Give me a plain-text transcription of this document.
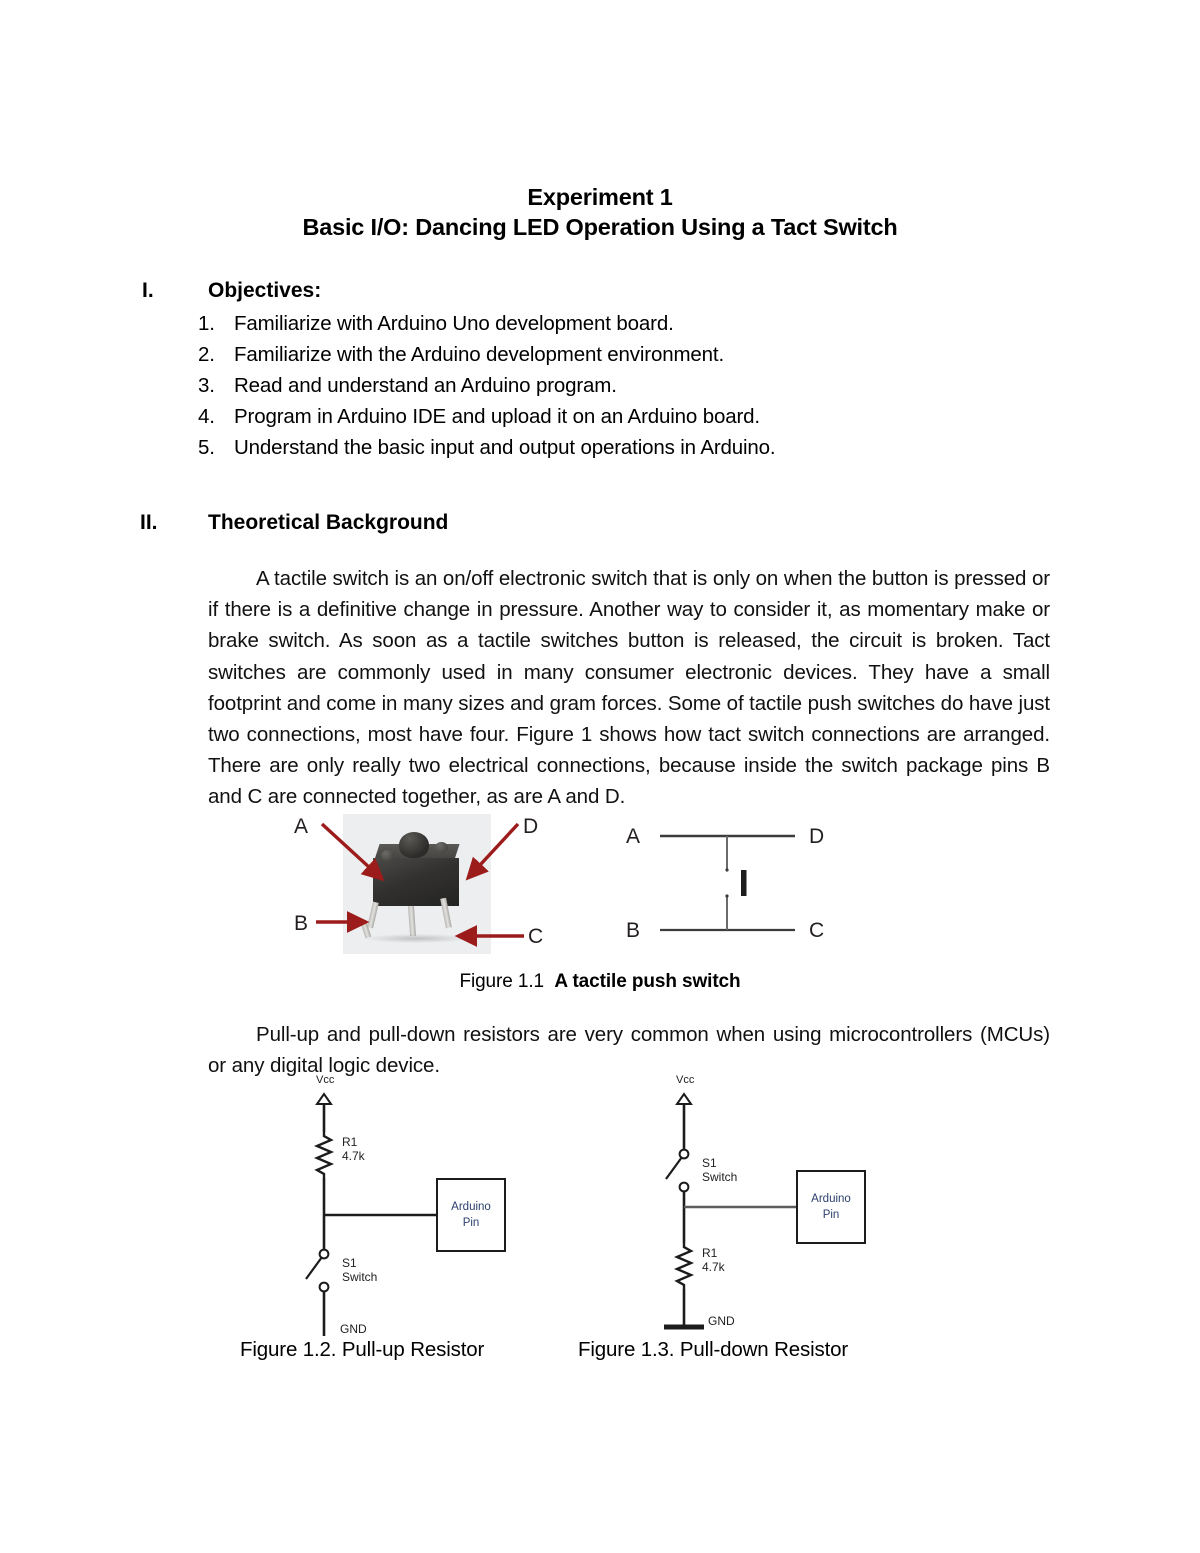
Experiment 1
Basic I/O: Dancing LED Operation Using a Tact Switch
I.	Objectives:
1. Familiarize with Arduino Uno development board.
2. Familiarize with the Arduino development environment.
3. Read and understand an Arduino program.
4. Program in Arduino IDE and upload it on an Arduino board.
5. Understand the basic input and output operations in Arduino.
II. Theoretical Background
A tactile switch is an on/off electronic switch that is only on when the button is pressed or if there is a definitive change in pressure. Another way to consider it, as momentary make or brake switch. As soon as a tactile switches button is released, the circuit is broken. Tact switches are commonly used in many consumer electronic devices. They have a small footprint and come in many sizes and gram forces. Some of tactile push switches do have just two connections, most have four. Figure 1 shows how tact switch connections are arranged. There are only really two electrical connections, because inside the switch package pins B and C are connected together, as are A and D.
A	D
B
C
A	D
B	C
Figure 1.1 A tactile push switch
Pull-up and pull-down resistors are very common when using microcontrollers (MCUs) or any digital logic device.
Vcc
R1
4.7k
S1
Switch
GND
Arduino
Pin
Figure 1.2. Pull-up Resistor
Vcc
S1
Switch
R1
4.7k
GND
Arduino
Pin
Figure 1.3. Pull-down Resistor
